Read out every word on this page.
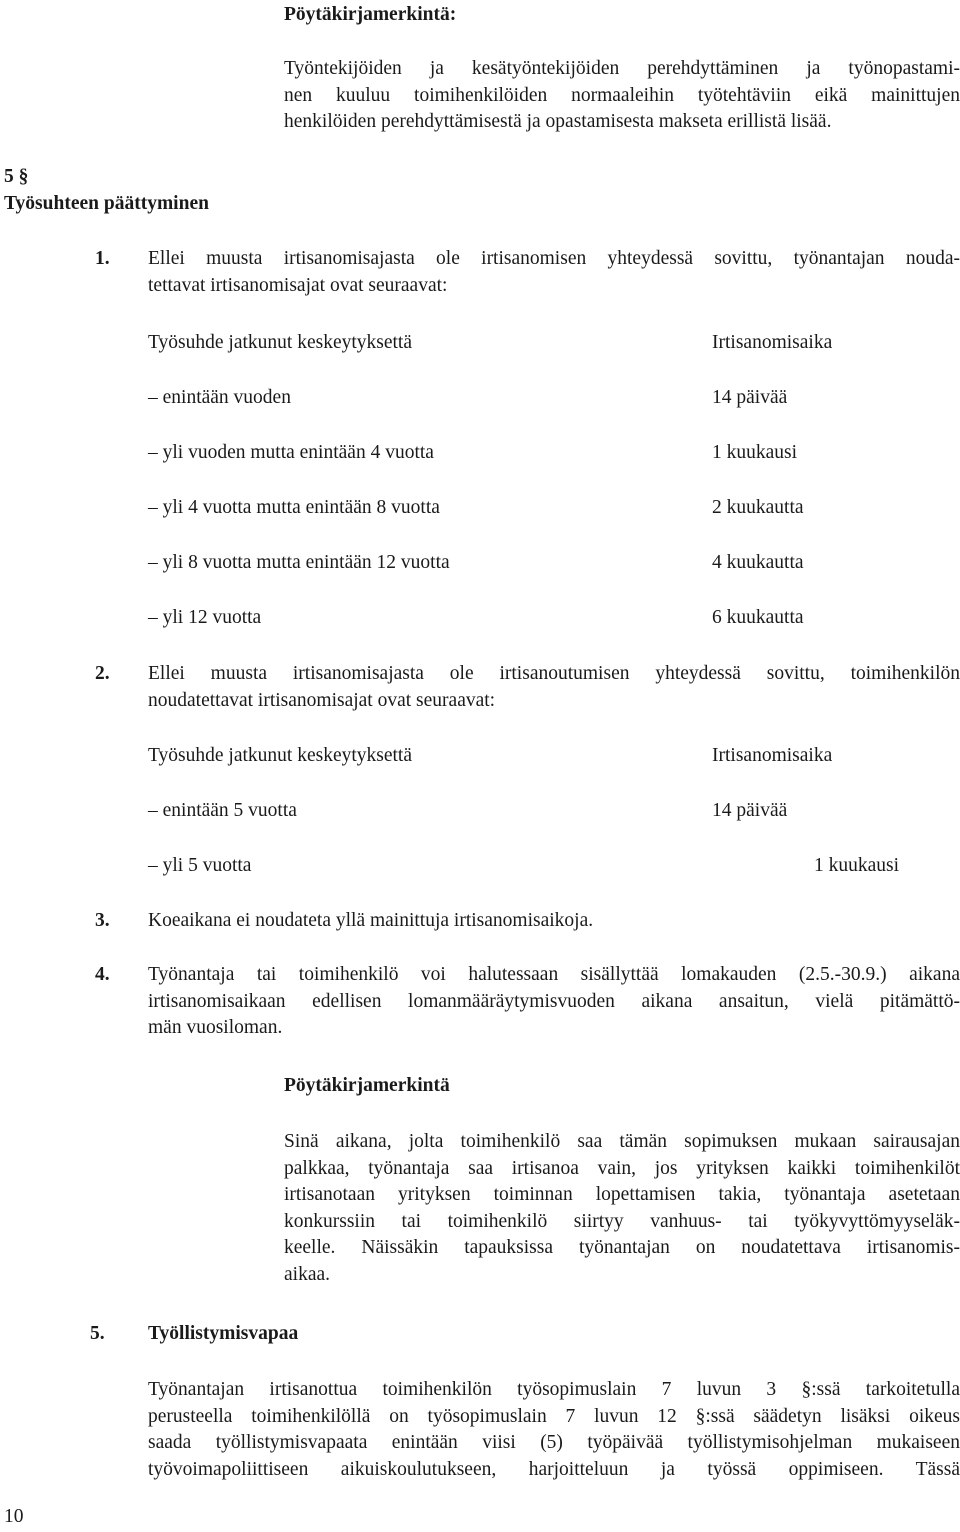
Pöytäkirjamerkintä:
Työntekijöiden ja kesätyöntekijöiden perehdyttäminen ja työnopastami-
nen kuuluu toimihenkilöiden normaaleihin työtehtäviin eikä mainittujen
henkilöiden perehdyttämisestä ja opastamisesta makseta erillistä lisää.
5 §
Työsuhteen päättyminen
1. Ellei muusta irtisanomisajasta ole irtisanomisen yhteydessä sovittu, työnantajan nouda-
tettavat irtisanomisajat ovat seuraavat:
Työsuhde jatkunut keskeytyksettä	Irtisanomisaika
– enintään vuoden	14 päivää
– yli vuoden mutta enintään 4 vuotta	1 kuukausi
– yli 4 vuotta mutta enintään 8 vuotta	2 kuukautta
– yli 8 vuotta mutta enintään 12 vuotta	4 kuukautta
– yli 12 vuotta	6 kuukautta
2. Ellei muusta irtisanomisajasta ole irtisanoutumisen yhteydessä sovittu, toimihenkilön
noudatettavat irtisanomisajat ovat seuraavat:
Työsuhde jatkunut keskeytyksettä	Irtisanomisaika
– enintään 5 vuotta	14 päivää
– yli 5 vuotta	1 kuukausi
3. Koeaikana ei noudateta yllä mainittuja irtisanomisaikoja.
4. Työnantaja tai toimihenkilö voi halutessaan sisällyttää lomakauden (2.5.-30.9.) aikana
irtisanomisaikaan edellisen lomanmääräytymisvuoden aikana ansaitun, vielä pitämättö-
män vuosiloman.
Pöytäkirjamerkintä
Sinä aikana, jolta toimihenkilö saa tämän sopimuksen mukaan sairausajan
palkkaa, työnantaja saa irtisanoa vain, jos yrityksen kaikki toimihenkilöt
irtisanotaan yrityksen toiminnan lopettamisen takia, työnantaja asetetaan
konkurssiin tai toimihenkilö siirtyy vanhuus- tai työkyvyttömyyseläk-
keelle. Näissäkin tapauksissa työnantajan on noudatettava irtisanomis-
aikaa.
5. Työllistymisvapaa
Työnantajan irtisanottua toimihenkilön työsopimuslain 7 luvun 3 §:ssä tarkoitetulla
perusteella toimihenkilöllä on työsopimuslain 7 luvun 12 §:ssä säädetyn lisäksi oikeus
saada työllistymisvapaata enintään viisi (5) työpäivää työllistymisohjelman mukaiseen
työvoimapoliittiseen aikuiskoulutukseen, harjoitteluun ja työssä oppimiseen. Tässä
10
